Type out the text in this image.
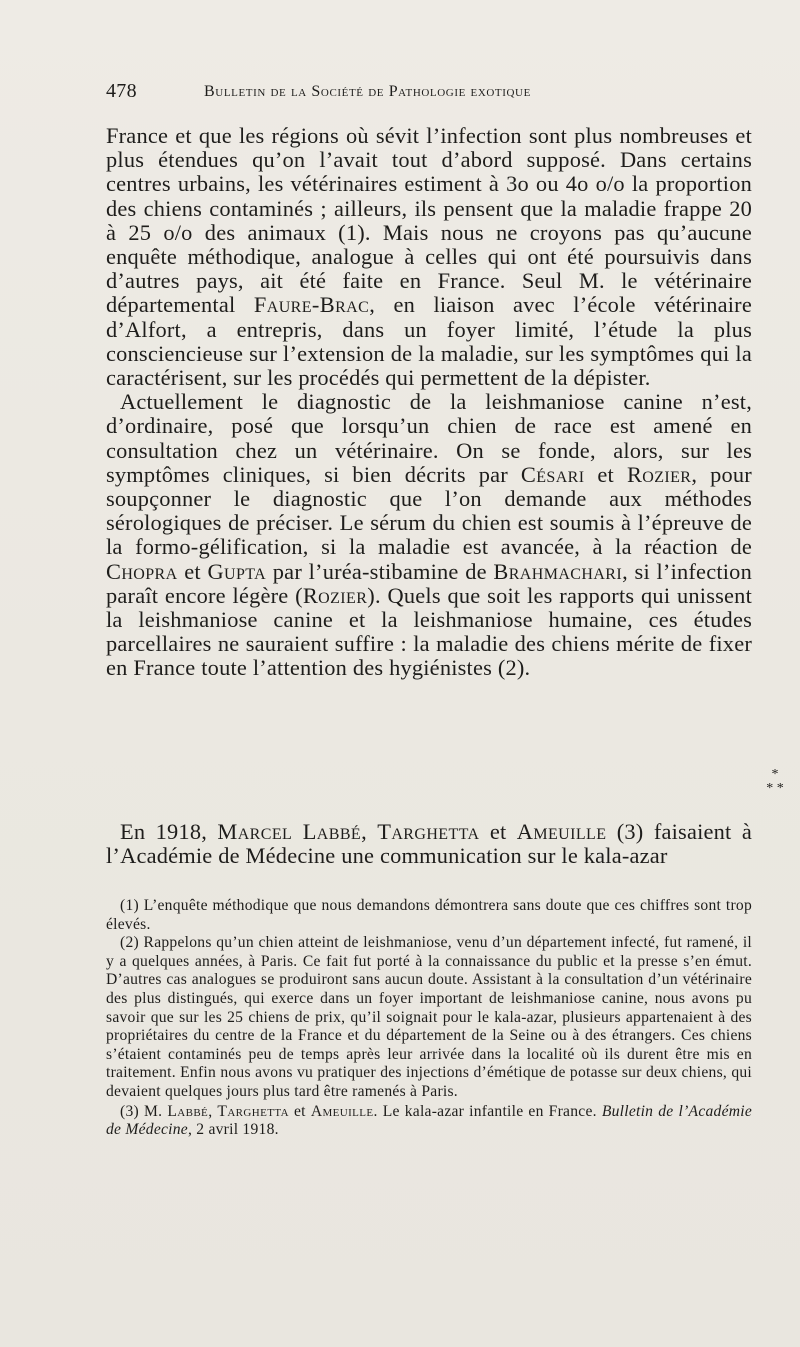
478	Bulletin de la Société de Pathologie exotique

France et que les régions où sévit l’infection sont plus nombreuses et plus étendues qu’on l’avait tout d’abord supposé. Dans certains centres urbains, les vétérinaires estiment à 3o ou 4o o/o la proportion des chiens contaminés ; ailleurs, ils pensent que la maladie frappe 20 à 25 o/o des animaux (1). Mais nous ne croyons pas qu’aucune enquête méthodique, analogue à celles qui ont été poursuivis dans d’autres pays, ait été faite en France. Seul M. le vétérinaire départemental Faure-Brac, en liaison avec l’école vétérinaire d’Alfort, a entrepris, dans un foyer limité, l’étude la plus consciencieuse sur l’extension de la maladie, sur les symptômes qui la caractérisent, sur les procédés qui permettent de la dépister.

Actuellement le diagnostic de la leishmaniose canine n’est, d’ordinaire, posé que lorsqu’un chien de race est amené en consultation chez un vétérinaire. On se fonde, alors, sur les symptômes cliniques, si bien décrits par Césari et Rozier, pour soupçonner le diagnostic que l’on demande aux méthodes sérologiques de préciser. Le sérum du chien est soumis à l’épreuve de la formo-gélification, si la maladie est avancée, à la réaction de Chopra et Gupta par l’uréa-stibamine de Brahmachari, si l’infection paraît encore légère (Rozier). Quels que soit les rapports qui unissent la leishmaniose canine et la leishmaniose humaine, ces études parcellaires ne sauraient suffire : la maladie des chiens mérite de fixer en France toute l’attention des hygiénistes (2).

*
* *

En 1918, Marcel Labbé, Targhetta et Ameuille (3) faisaient à l’Académie de Médecine une communication sur le kala-azar

(1) L’enquête méthodique que nous demandons démontrera sans doute que ces chiffres sont trop élevés.

(2) Rappelons qu’un chien atteint de leishmaniose, venu d’un département infecté, fut ramené, il y a quelques années, à Paris. Ce fait fut porté à la connaissance du public et la presse s’en émut. D’autres cas analogues se produiront sans aucun doute. Assistant à la consultation d’un vétérinaire des plus distingués, qui exerce dans un foyer important de leishmaniose canine, nous avons pu savoir que sur les 25 chiens de prix, qu’il soignait pour le kala-azar, plusieurs appartenaient à des propriétaires du centre de la France et du département de la Seine ou à des étrangers. Ces chiens s’étaient contaminés peu de temps après leur arrivée dans la localité où ils durent être mis en traitement. Enfin nous avons vu pratiquer des injections d’émétique de potasse sur deux chiens, qui devaient quelques jours plus tard être ramenés à Paris.

(3) M. Labbé, Targhetta et Ameuille. Le kala-azar infantile en France. Bulletin de l’Académie de Médecine, 2 avril 1918.
